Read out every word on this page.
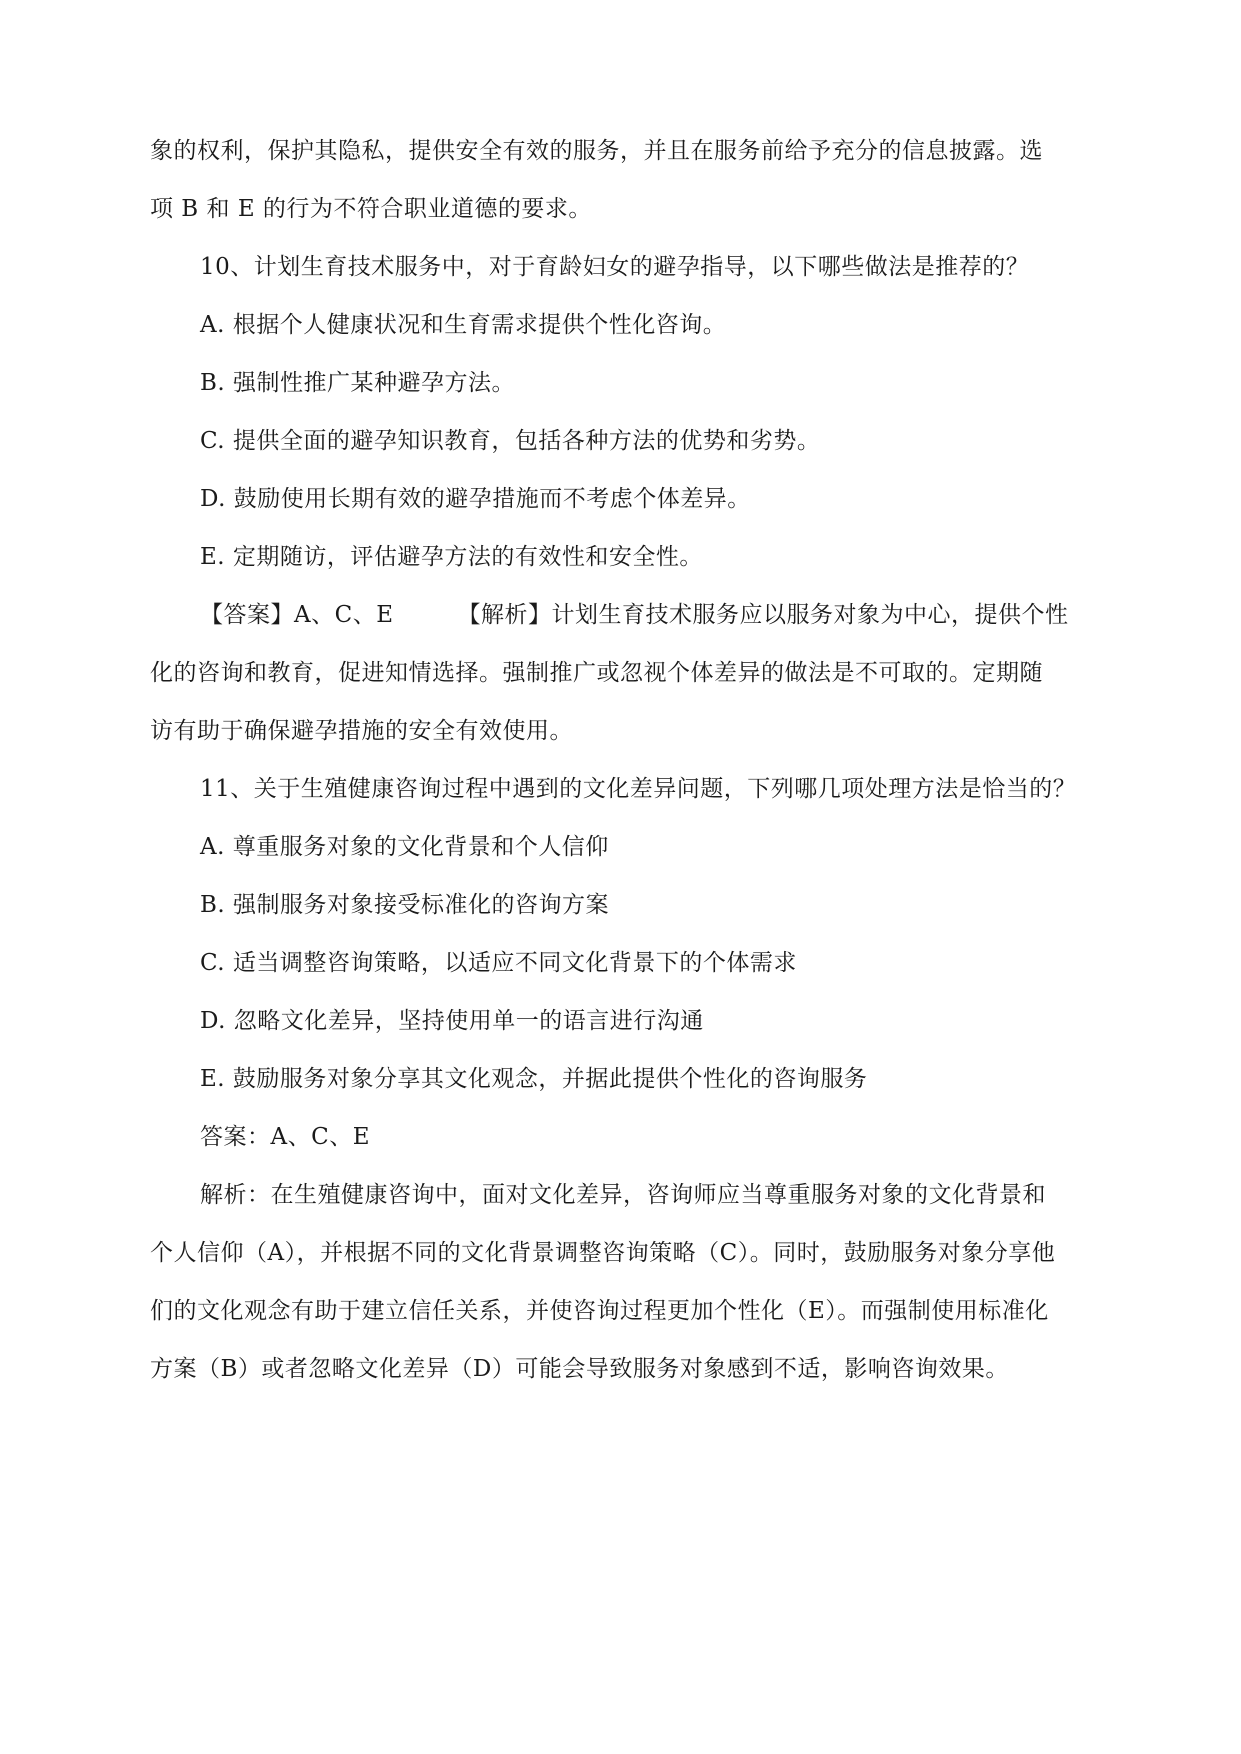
象的权利，保护其隐私，提供安全有效的服务，并且在服务前给予充分的信息披露。选
项 B 和 E 的行为不符合职业道德的要求。
10、计划生育技术服务中，对于育龄妇女的避孕指导，以下哪些做法是推荐的？
A. 根据个人健康状况和生育需求提供个性化咨询。
B. 强制性推广某种避孕方法。
C. 提供全面的避孕知识教育，包括各种方法的优势和劣势。
D. 鼓励使用长期有效的避孕措施而不考虑个体差异。
E. 定期随访，评估避孕方法的有效性和安全性。
【答案】A、C、E	【解析】计划生育技术服务应以服务对象为中心，提供个性
化的咨询和教育，促进知情选择。强制推广或忽视个体差异的做法是不可取的。定期随
访有助于确保避孕措施的安全有效使用。
11、关于生殖健康咨询过程中遇到的文化差异问题，下列哪几项处理方法是恰当的？
A. 尊重服务对象的文化背景和个人信仰
B. 强制服务对象接受标准化的咨询方案
C. 适当调整咨询策略，以适应不同文化背景下的个体需求
D. 忽略文化差异，坚持使用单一的语言进行沟通
E. 鼓励服务对象分享其文化观念，并据此提供个性化的咨询服务
答案：A、C、E
解析：在生殖健康咨询中，面对文化差异，咨询师应当尊重服务对象的文化背景和
个人信仰（A），并根据不同的文化背景调整咨询策略（C）。同时，鼓励服务对象分享他
们的文化观念有助于建立信任关系，并使咨询过程更加个性化（E）。而强制使用标准化
方案（B）或者忽略文化差异（D）可能会导致服务对象感到不适，影响咨询效果。
